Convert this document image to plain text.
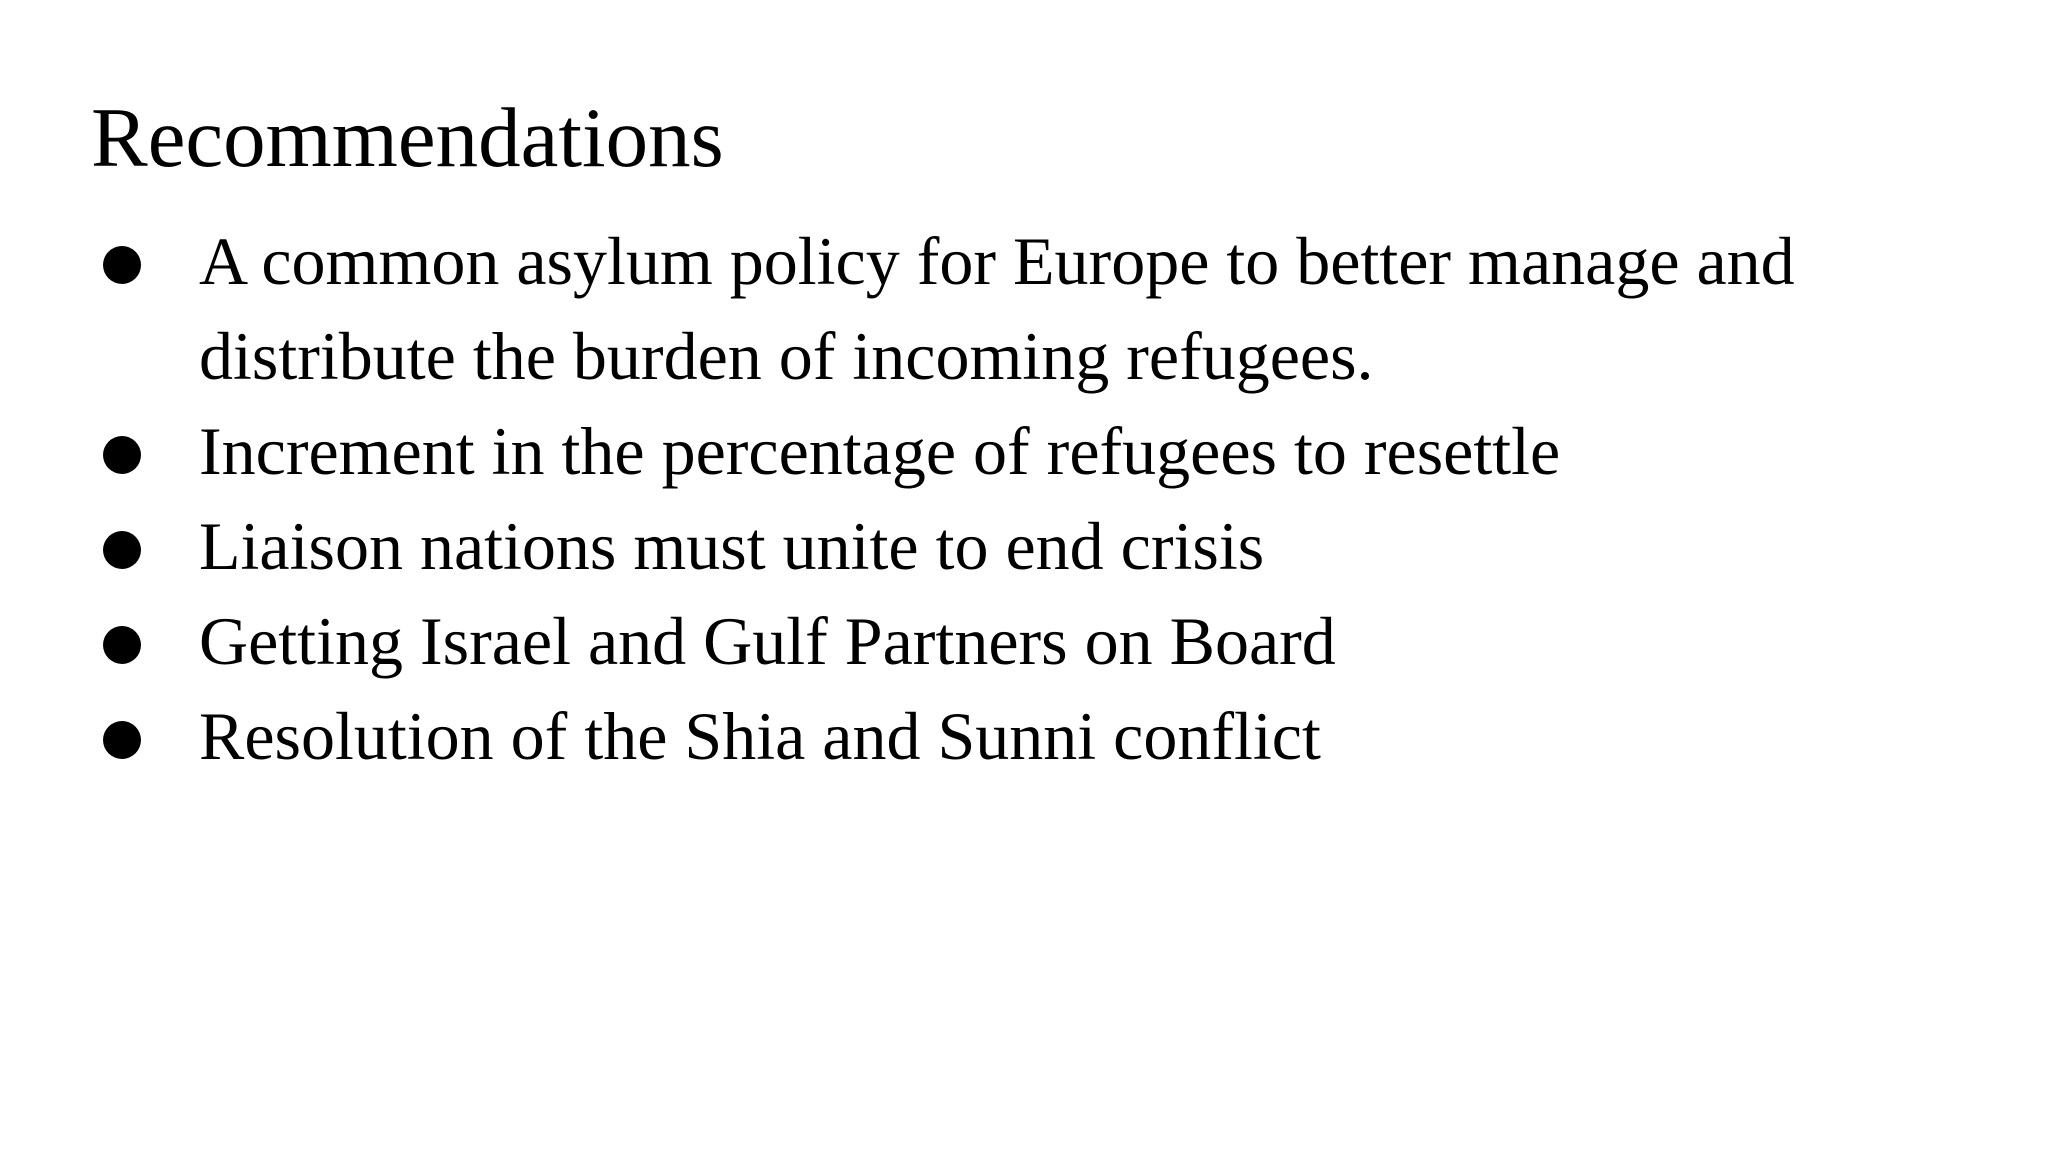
Recommendations
A common asylum policy for Europe to better manage and distribute the burden of incoming refugees.
Increment in the percentage of refugees to resettle
Liaison nations must unite to end crisis
Getting Israel and Gulf Partners on Board
Resolution of the Shia and Sunni conflict
